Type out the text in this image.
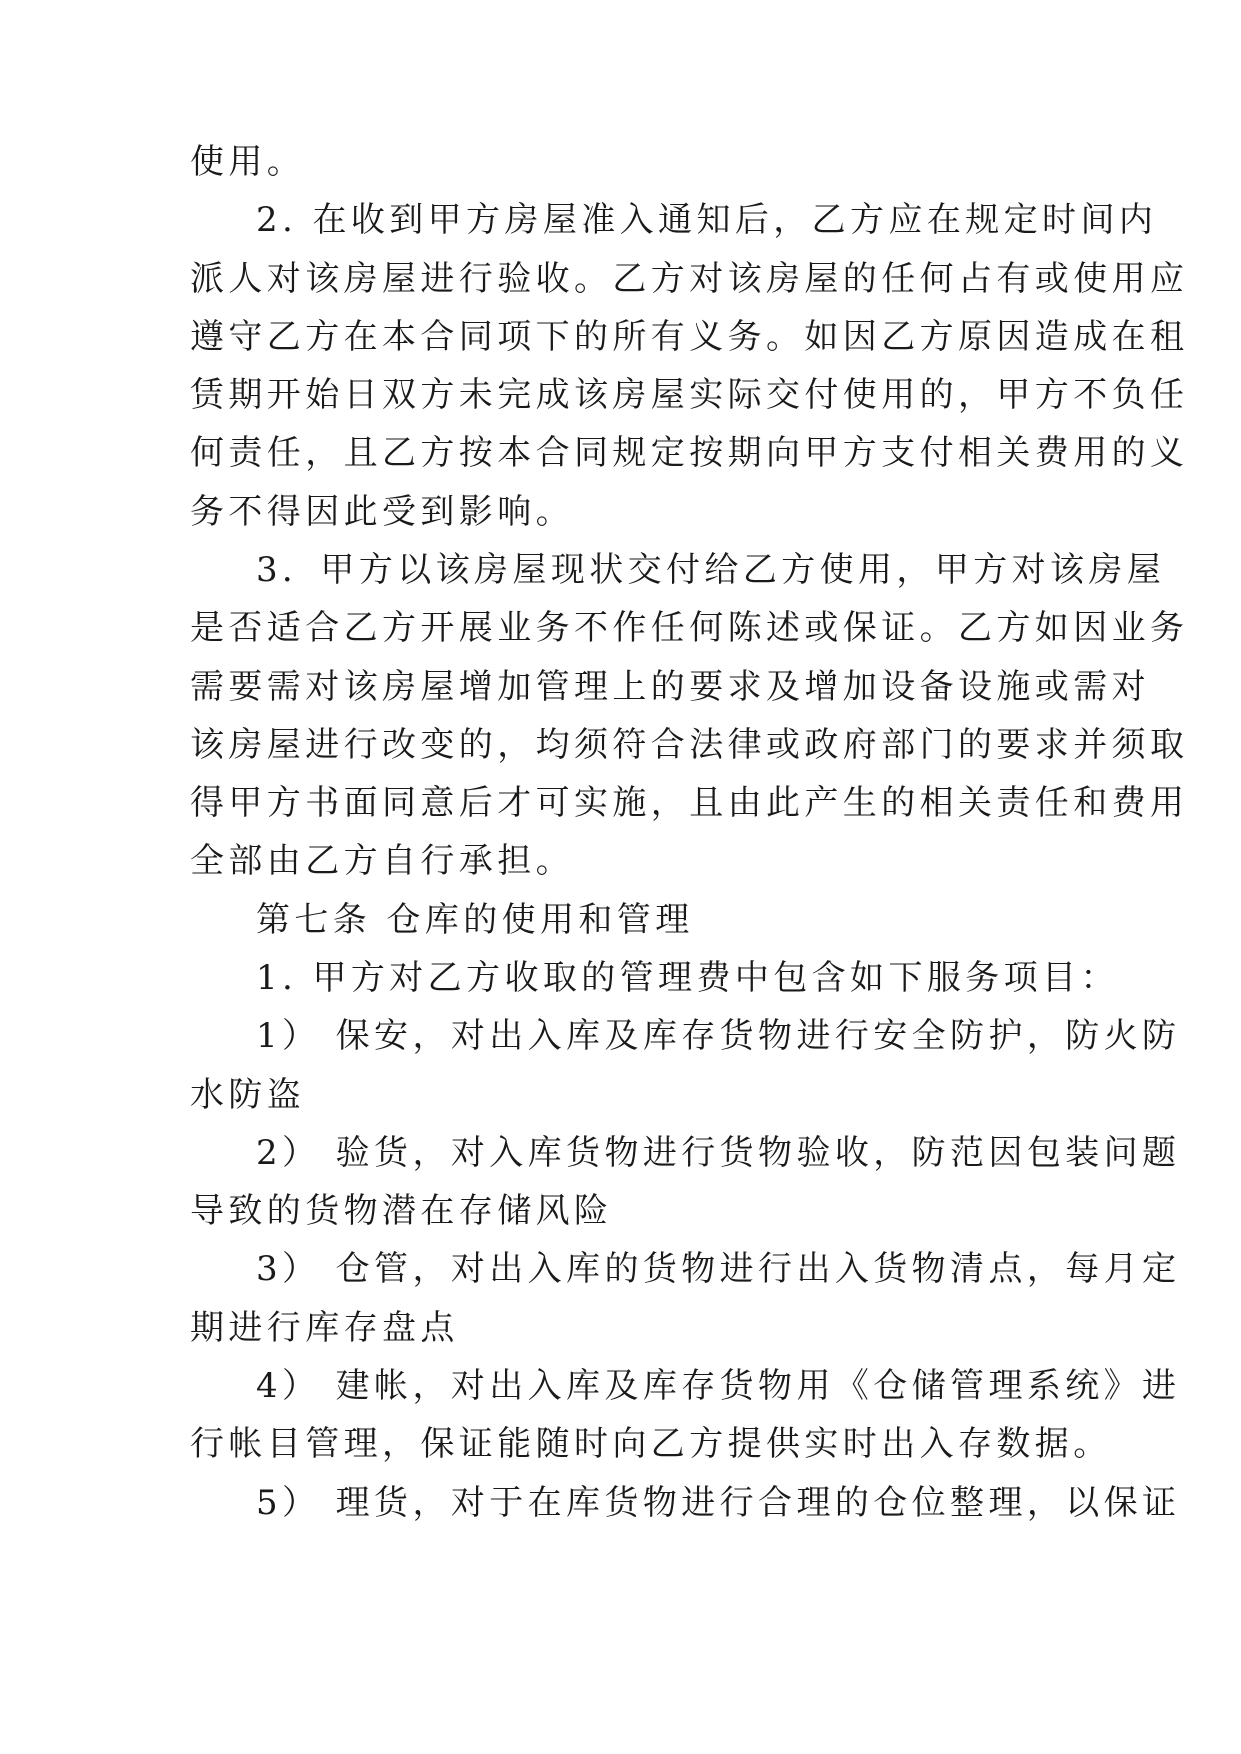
使用。
2. 在收到甲方房屋准入通知后，乙方应在规定时间内
派人对该房屋进行验收。乙方对该房屋的任何占有或使用应
遵守乙方在本合同项下的所有义务。如因乙方原因造成在租
赁期开始日双方未完成该房屋实际交付使用的，甲方不负任
何责任，且乙方按本合同规定按期向甲方支付相关费用的义
务不得因此受到影响。
3．甲方以该房屋现状交付给乙方使用，甲方对该房屋
是否适合乙方开展业务不作任何陈述或保证。乙方如因业务
需要需对该房屋增加管理上的要求及增加设备设施或需对
该房屋进行改变的，均须符合法律或政府部门的要求并须取
得甲方书面同意后才可实施，且由此产生的相关责任和费用
全部由乙方自行承担。
第七条 仓库的使用和管理
1. 甲方对乙方收取的管理费中包含如下服务项目：
1） 保安，对出入库及库存货物进行安全防护，防火防
水防盗
2） 验货，对入库货物进行货物验收，防范因包装问题
导致的货物潜在存储风险
3） 仓管，对出入库的货物进行出入货物清点，每月定
期进行库存盘点
4） 建帐，对出入库及库存货物用《仓储管理系统》进
行帐目管理，保证能随时向乙方提供实时出入存数据。
5） 理货，对于在库货物进行合理的仓位整理，以保证
